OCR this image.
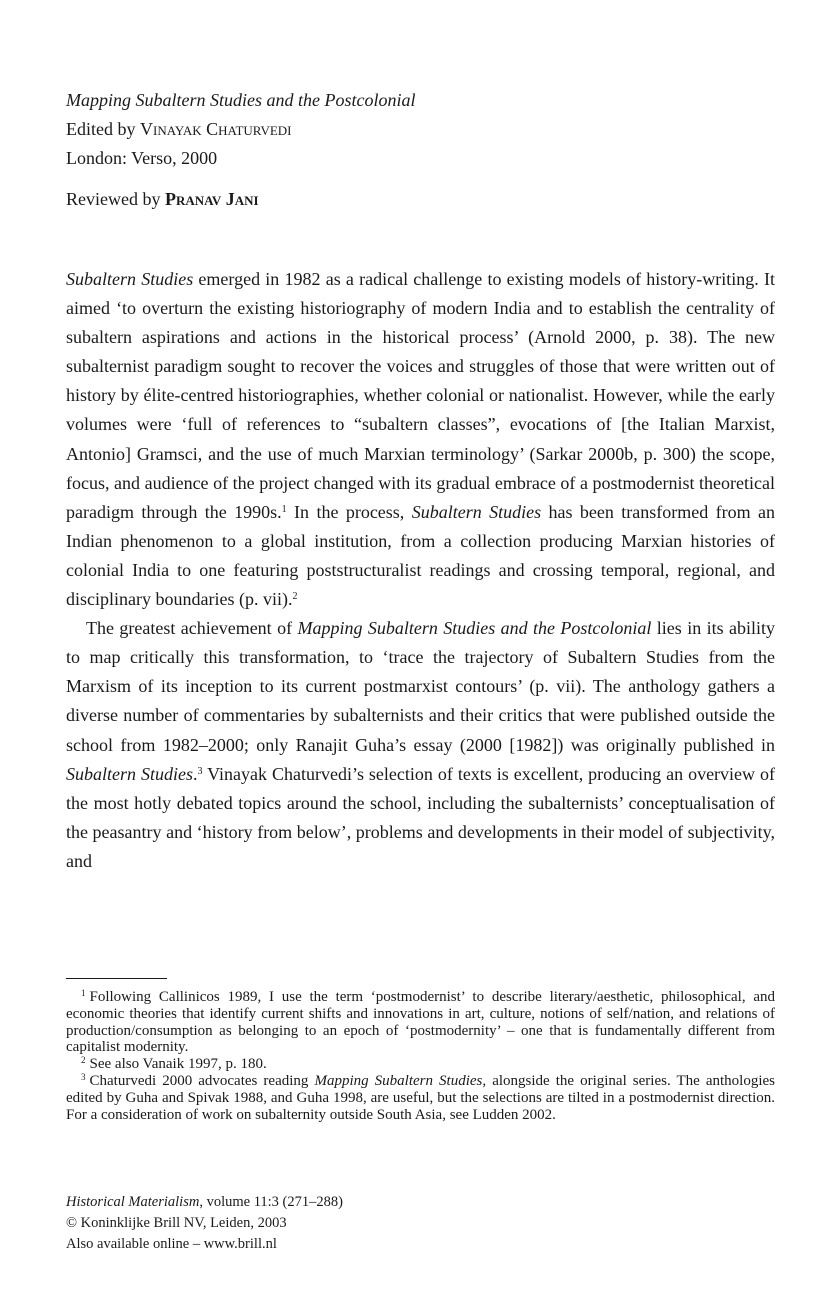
Mapping Subaltern Studies and the Postcolonial
Edited by Vinayak Chaturvedi
London: Verso, 2000
Reviewed by Pranav Jani

Subaltern Studies emerged in 1982 as a radical challenge to existing models of history-writing. It aimed ‘to overturn the existing historiography of modern India and to establish the centrality of subaltern aspirations and actions in the historical process’ (Arnold 2000, p. 38). The new subalternist paradigm sought to recover the voices and struggles of those that were written out of history by élite-centred historiographies, whether colonial or nationalist. However, while the early volumes were ‘full of references to “subaltern classes”, evocations of [the Italian Marxist, Antonio] Gramsci, and the use of much Marxian terminology’ (Sarkar 2000b, p. 300) the scope, focus, and audience of the project changed with its gradual embrace of a postmodernist theoretical paradigm through the 1990s.$^1$ In the process, Subaltern Studies has been transformed from an Indian phenomenon to a global institution, from a collection producing Marxian histories of colonial India to one featuring poststructuralist readings and crossing temporal, regional, and disciplinary boundaries (p. vii).$^2$

The greatest achievement of Mapping Subaltern Studies and the Postcolonial lies in its ability to map critically this transformation, to ‘trace the trajectory of Subaltern Studies from the Marxism of its inception to its current postmarxist contours’ (p. vii). The anthology gathers a diverse number of commentaries by subalternists and their critics that were published outside the school from 1982–2000; only Ranajit Guha’s essay (2000 [1982]) was originally published in Subaltern Studies.$^3$ Vinayak Chaturvedi’s selection of texts is excellent, producing an overview of the most hotly debated topics around the school, including the subalternists’ conceptualisation of the peasantry and ‘history from below’, problems and developments in their model of subjectivity, and

$^1$ Following Callinicos 1989, I use the term ‘postmodernist’ to describe literary/aesthetic, philosophical, and economic theories that identify current shifts and innovations in art, culture, notions of self/nation, and relations of production/consumption as belonging to an epoch of ‘postmodernity’ – one that is fundamentally different from capitalist modernity.

$^2$ See also Vanaik 1997, p. 180.

$^3$ Chaturvedi 2000 advocates reading Mapping Subaltern Studies, alongside the original series. The anthologies edited by Guha and Spivak 1988, and Guha 1998, are useful, but the selections are tilted in a postmodernist direction. For a consideration of work on subalternity outside South Asia, see Ludden 2002.

Historical Materialism, volume 11:3 (271–288)
© Koninklijke Brill NV, Leiden, 2003
Also available online – www.brill.nl
